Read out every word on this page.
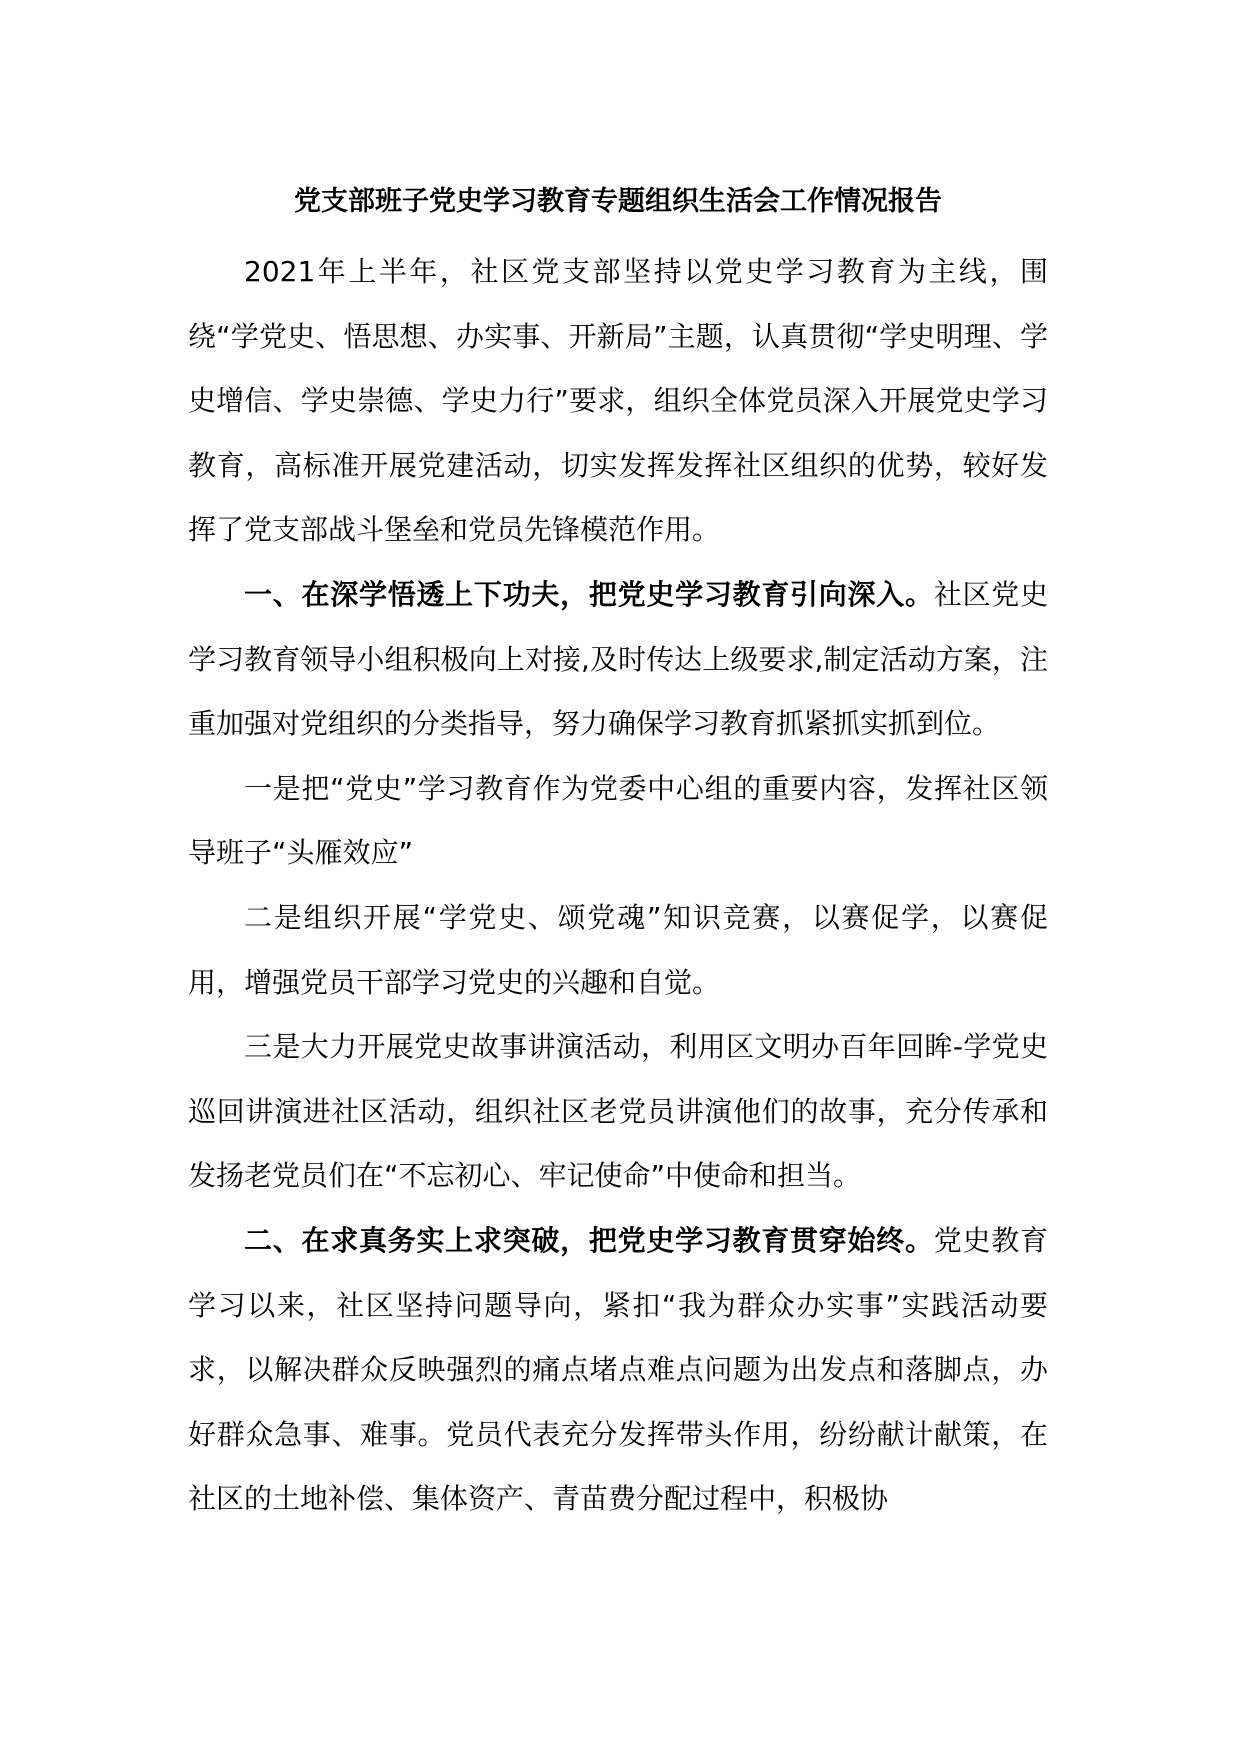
党支部班子党史学习教育专题组织生活会工作情况报告

2021年上半年，社区党支部坚持以党史学习教育为主线，围绕“学党史、悟思想、办实事、开新局”主题，认真贯彻“学史明理、学史增信、学史崇德、学史力行”要求，组织全体党员深入开展党史学习教育，高标准开展党建活动，切实发挥发挥社区组织的优势，较好发挥了党支部战斗堡垒和党员先锋模范作用。

一、在深学悟透上下功夫，把党史学习教育引向深入。社区党史学习教育领导小组积极向上对接,及时传达上级要求,制定活动方案，注重加强对党组织的分类指导，努力确保学习教育抓紧抓实抓到位。

一是把“党史”学习教育作为党委中心组的重要内容，发挥社区领导班子“头雁效应”

二是组织开展“学党史、颂党魂”知识竞赛，以赛促学，以赛促用，增强党员干部学习党史的兴趣和自觉。

三是大力开展党史故事讲演活动，利用区文明办百年回眸-学党史巡回讲演进社区活动，组织社区老党员讲演他们的故事，充分传承和发扬老党员们在“不忘初心、牢记使命”中使命和担当。

二、在求真务实上求突破，把党史学习教育贯穿始终。党史教育学习以来，社区坚持问题导向，紧扣“我为群众办实事”实践活动要求，以解决群众反映强烈的痛点堵点难点问题为出发点和落脚点，办好群众急事、难事。党员代表充分发挥带头作用，纷纷献计献策，在社区的土地补偿、集体资产、青苗费分配过程中，积极协
